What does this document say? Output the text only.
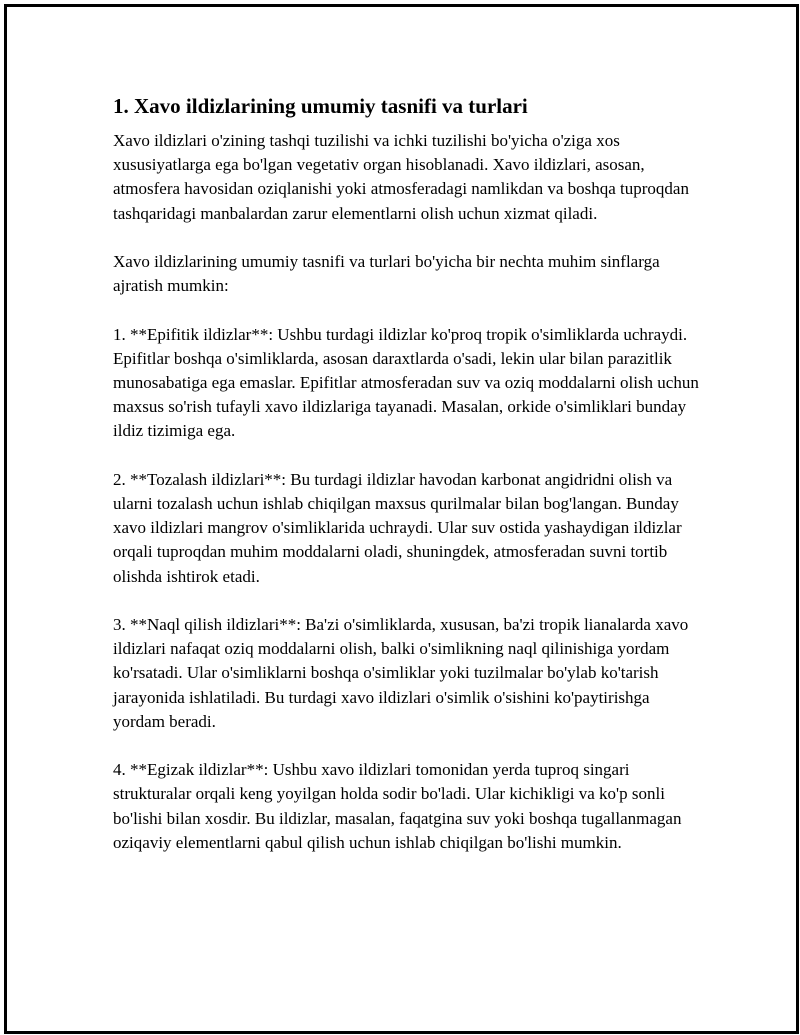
1. Xavo ildizlarining umumiy tasnifi va turlari

Xavo ildizlari o'zining tashqi tuzilishi va ichki tuzilishi bo'yicha o'ziga xos xususiyatlarga ega bo'lgan vegetativ organ hisoblanadi. Xavo ildizlari, asosan, atmosfera havosidan oziqlanishi yoki atmosferadagi namlikdan va boshqa tuproqdan tashqaridagi manbalardan zarur elementlarni olish uchun xizmat qiladi.

Xavo ildizlarining umumiy tasnifi va turlari bo'yicha bir nechta muhim sinflarga ajratish mumkin:

1. **Epifitik ildizlar**: Ushbu turdagi ildizlar ko'proq tropik o'simliklarda uchraydi. Epifitlar boshqa o'simliklarda, asosan daraxtlarda o'sadi, lekin ular bilan parazitlik munosabatiga ega emaslar. Epifitlar atmosferadan suv va oziq moddalarni olish uchun maxsus so'rish tufayli xavo ildizlariga tayanadi. Masalan, orkide o'simliklari bunday ildiz tizimiga ega.

2. **Tozalash ildizlari**: Bu turdagi ildizlar havodan karbonat angidridni olish va ularni tozalash uchun ishlab chiqilgan maxsus qurilmalar bilan bog'langan. Bunday xavo ildizlari mangrov o'simliklarida uchraydi. Ular suv ostida yashaydigan ildizlar orqali tuproqdan muhim moddalarni oladi, shuningdek, atmosferadan suvni tortib olishda ishtirok etadi.

3. **Naql qilish ildizlari**: Ba'zi o'simliklarda, xususan, ba'zi tropik lianalarda xavo ildizlari nafaqat oziq moddalarni olish, balki o'simlikning naql qilinishiga yordam ko'rsatadi. Ular o'simliklarni boshqa o'simliklar yoki tuzilmalar bo'ylab ko'tarish jarayonida ishlatiladi. Bu turdagi xavo ildizlari o'simlik o'sishini ko'paytirishga yordam beradi.

4. **Egizak ildizlar**: Ushbu xavo ildizlari tomonidan yerda tuproq singari strukturalar orqali keng yoyilgan holda sodir bo'ladi. Ular kichikligi va ko'p sonli bo'lishi bilan xosdir. Bu ildizlar, masalan, faqatgina suv yoki boshqa tugallanmagan oziqaviy elementlarni qabul qilish uchun ishlab chiqilgan bo'lishi mumkin.
